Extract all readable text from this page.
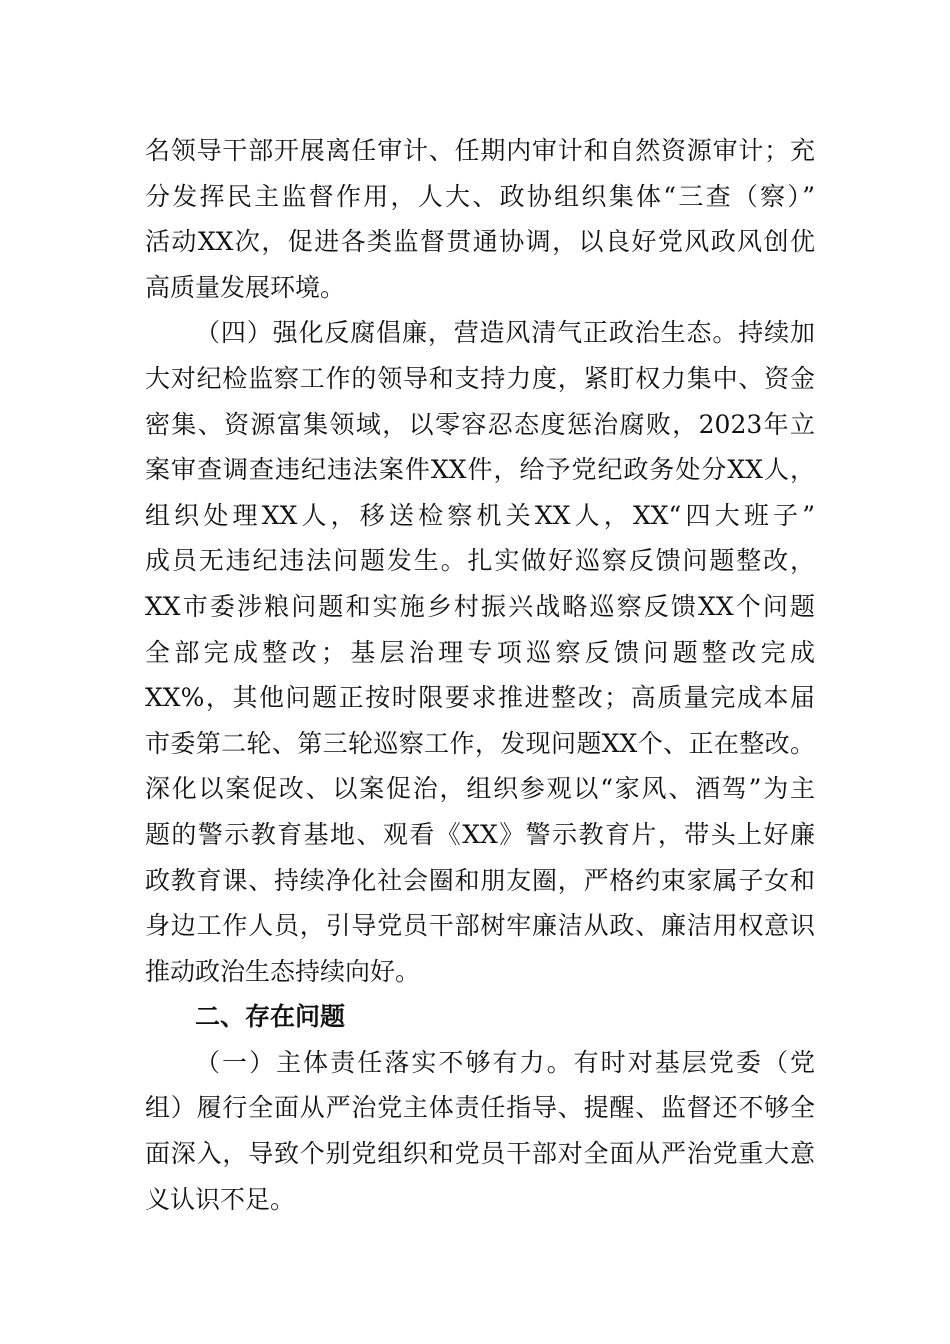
名领导干部开展离任审计、任期内审计和自然资源审计；充
分发挥民主监督作用，人大、政协组织集体“三查（察）”
活动XX次，促进各类监督贯通协调，以良好党风政风创优
高质量发展环境。
（四）强化反腐倡廉，营造风清气正政治生态。持续加
大对纪检监察工作的领导和支持力度，紧盯权力集中、资金
密集、资源富集领域，以零容忍态度惩治腐败，2023年立
案审查调查违纪违法案件XX件，给予党纪政务处分XX人，
组织处理XX人，移送检察机关XX人，XX“四大班子”
成员无违纪违法问题发生。扎实做好巡察反馈问题整改，
XX市委涉粮问题和实施乡村振兴战略巡察反馈XX个问题
全部完成整改；基层治理专项巡察反馈问题整改完成
XX%，其他问题正按时限要求推进整改；高质量完成本届
市委第二轮、第三轮巡察工作，发现问题XX个、正在整改。
深化以案促改、以案促治，组织参观以“家风、酒驾”为主
题的警示教育基地、观看《XX》警示教育片，带头上好廉
政教育课、持续净化社会圈和朋友圈，严格约束家属子女和
身边工作人员，引导党员干部树牢廉洁从政、廉洁用权意识
推动政治生态持续向好。
二、存在问题
（一）主体责任落实不够有力。有时对基层党委（党
组）履行全面从严治党主体责任指导、提醒、监督还不够全
面深入，导致个别党组织和党员干部对全面从严治党重大意
义认识不足。
